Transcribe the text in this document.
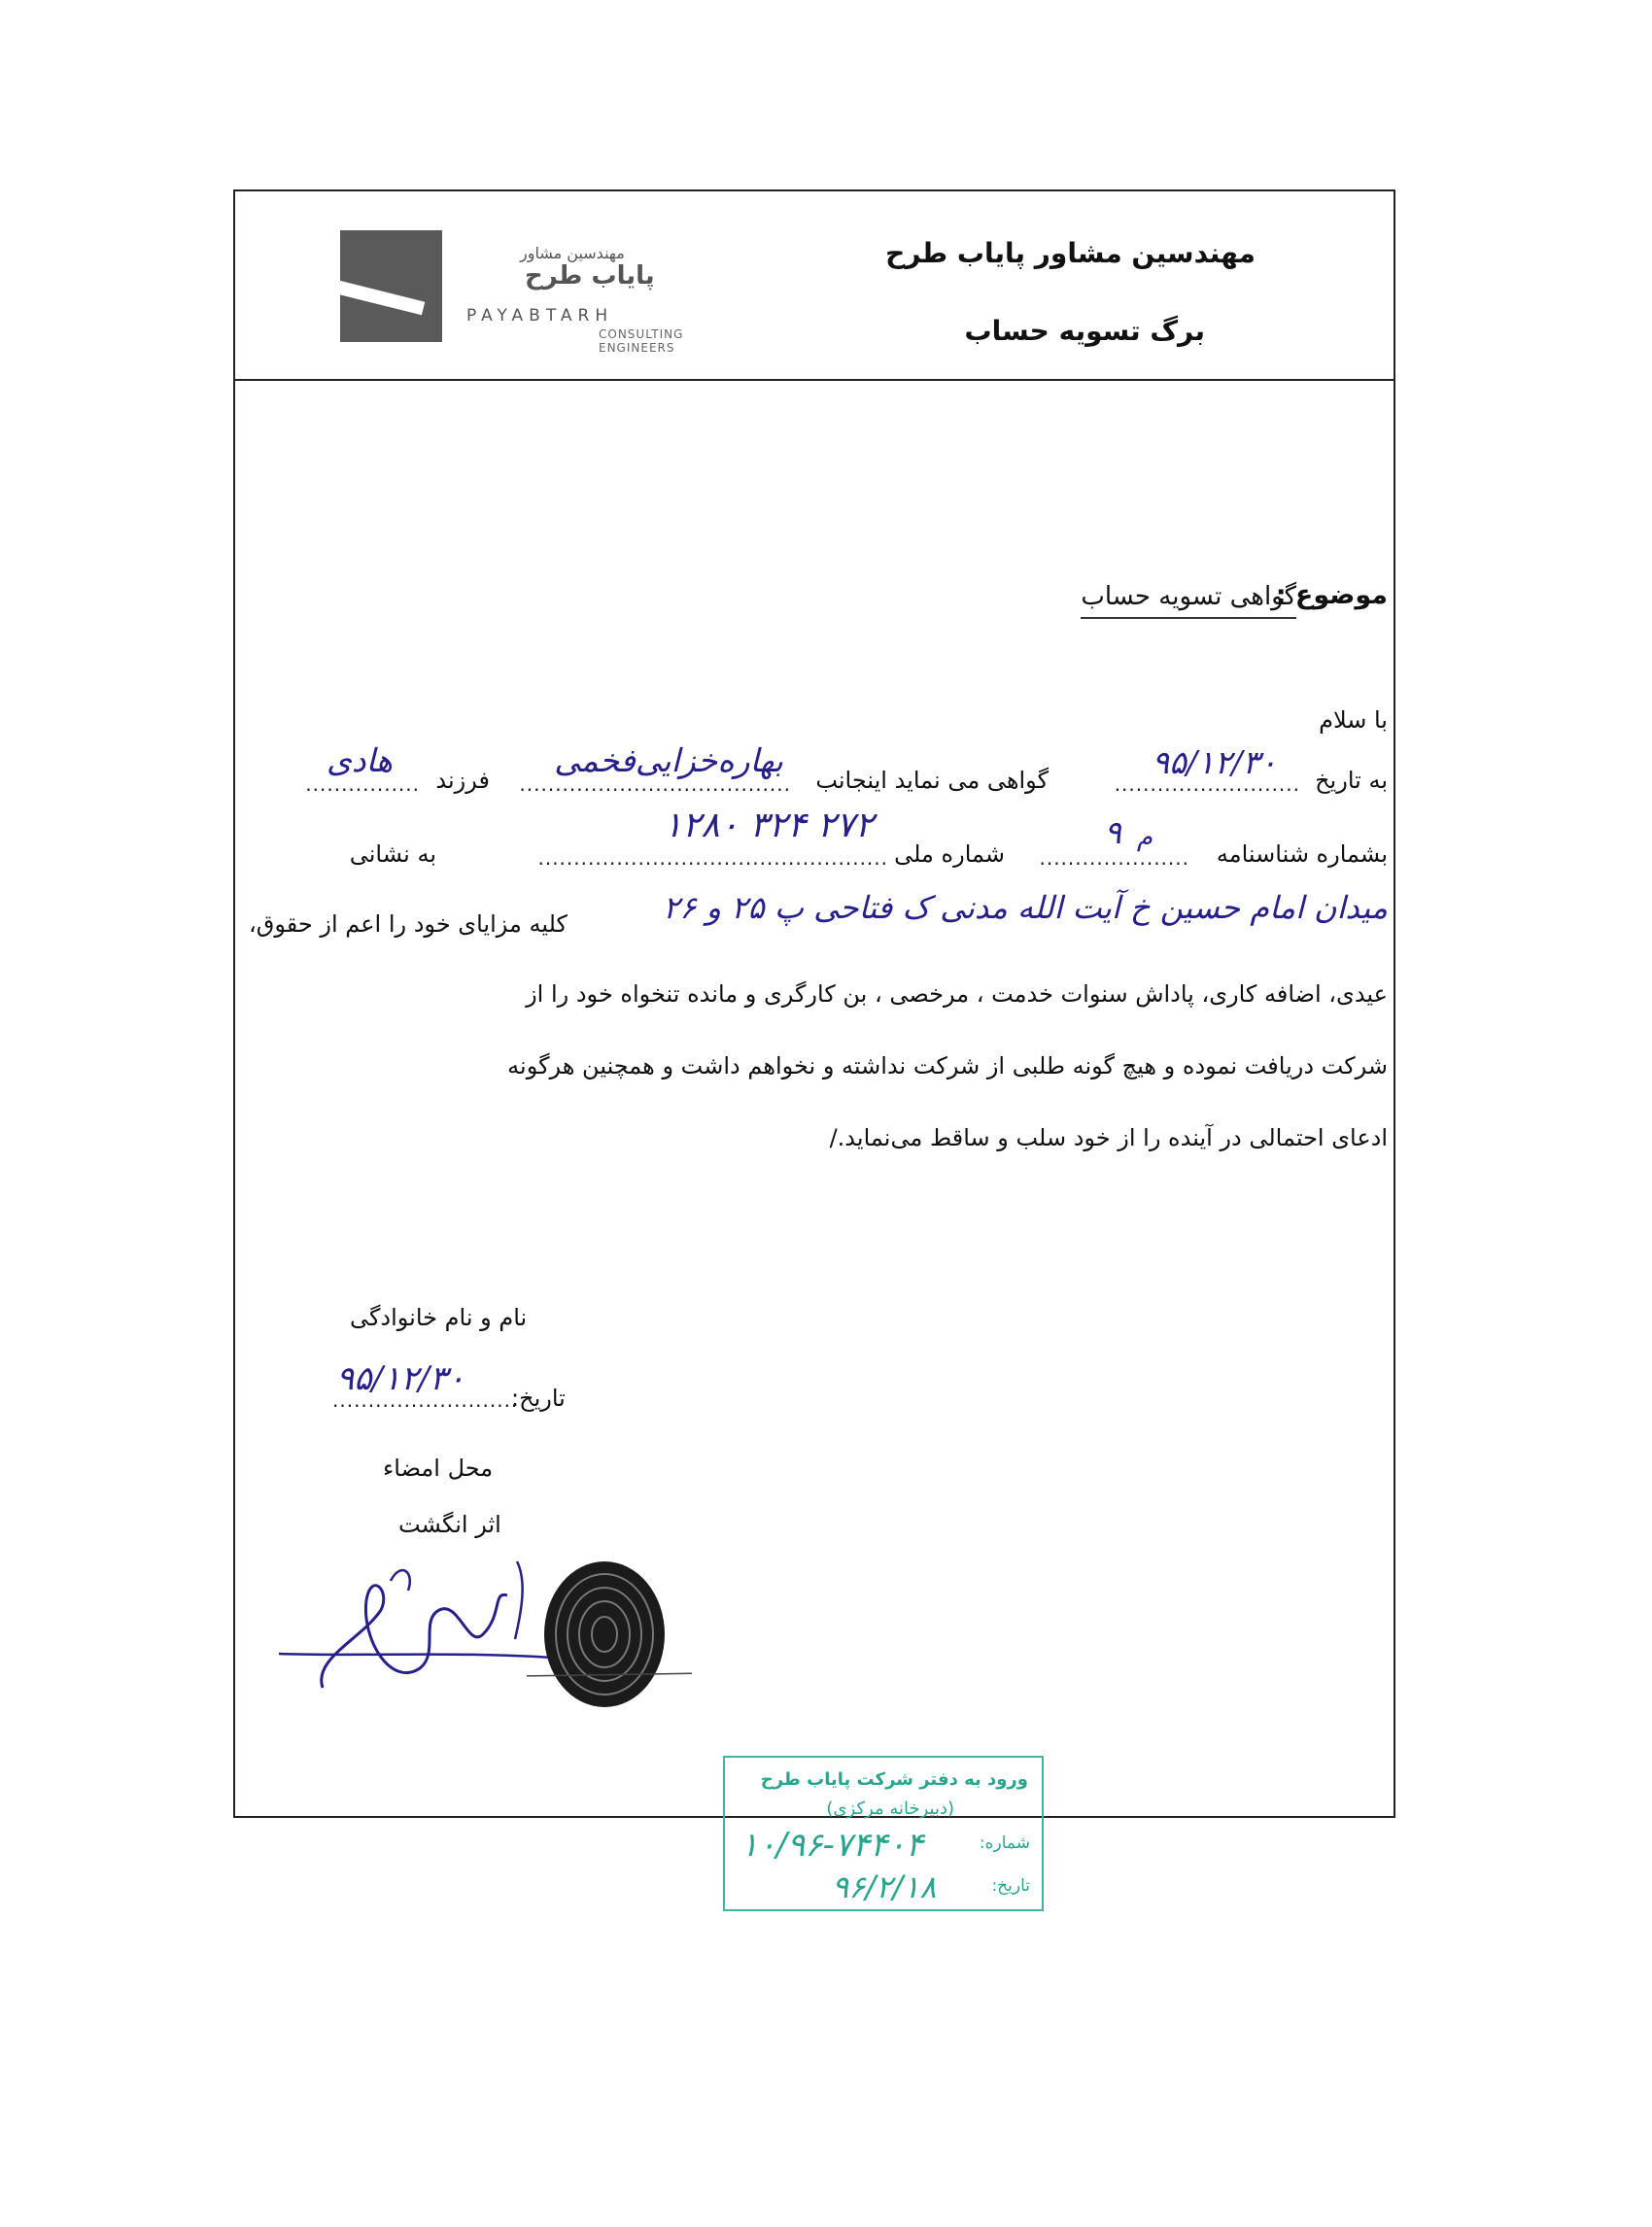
مهندسین مشاور پایاب طرح
برگ تسویه حساب
مهندسین مشاور
پایاب طرح
PAYABTARH
CONSULTING ENGINEERS
موضوع :
گواهی تسویه حساب
با سلام
به تاریخ
..........................
۹۵/۱۲/۳۰
گواهی می نماید اینجانب
......................................
بهاره‌خزایی‌فخمی
فرزند
................
هادی
بشماره شناسنامه
.....................
۹ م
شماره ملی
.................................................
۲۷۲ ۳۲۴ ۱۲۸۰
به نشانی
میدان امام حسین خ آیت الله مدنی ک فتاحی پ ۲۵ و ۲۶
کلیه مزایای خود را اعم از حقوق،
عیدی، اضافه کاری، پاداش سنوات خدمت ، مرخصی ، بن کارگری و مانده تنخواه خود را از
شرکت دریافت نموده و هیچ گونه طلبی از شرکت نداشته و نخواهم داشت و همچنین هرگونه
ادعای احتمالی در آینده را از خود سلب و ساقط می‌نماید./
نام و نام خانوادگی
۹۵/۱۲/۳۰
..........................
تاریخ:
محل امضاء
اثر انگشت
ورود به دفتر شرکت پایاب طرح
(دبیرخانه مرکزی)
شماره:
۱۰/۹۶-۷۴۴۰۴
تاریخ:
۹۶/۲/۱۸
